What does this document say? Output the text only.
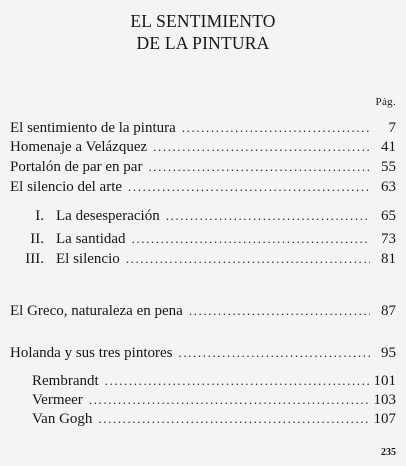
EL SENTIMIENTO
DE LA PINTURA
Pág.
El sentimiento de la pintura .....	7
Homenaje a Velázquez .....	41
Portalón de par en par .....	55
El silencio del arte .....	63
I. La desesperación .....	65
II. La santidad .....	73
III. El silencio .....	81
El Greco, naturaleza en pena .....	87
Holanda y sus tres pintores .....	95
Rembrandt .....	101
Vermeer .....	103
Van Gogh .....	107
235
